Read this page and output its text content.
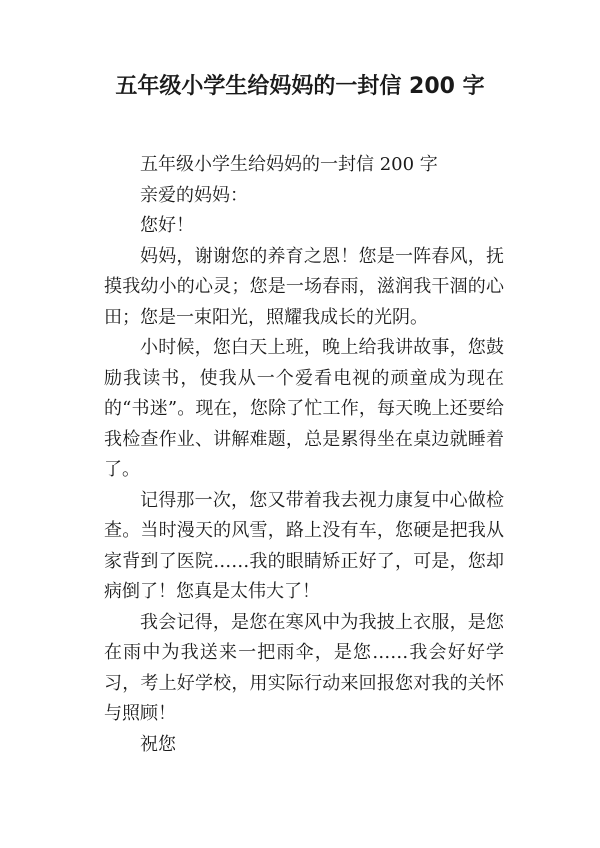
五年级小学生给妈妈的一封信 200 字

五年级小学生给妈妈的一封信 200 字

亲爱的妈妈：

您好！

妈妈，谢谢您的养育之恩！您是一阵春风，抚摸我幼小的心灵；您是一场春雨，滋润我干涸的心田；您是一束阳光，照耀我成长的光阴。

小时候，您白天上班，晚上给我讲故事，您鼓励我读书，使我从一个爱看电视的顽童成为现在的“书迷”。现在，您除了忙工作，每天晚上还要给我检查作业、讲解难题，总是累得坐在桌边就睡着了。

记得那一次，您又带着我去视力康复中心做检查。当时漫天的风雪，路上没有车，您硬是把我从家背到了医院……我的眼睛矫正好了，可是，您却病倒了！您真是太伟大了！

我会记得，是您在寒风中为我披上衣服，是您在雨中为我送来一把雨伞，是您……我会好好学习，考上好学校，用实际行动来回报您对我的关怀与照顾！

祝您
